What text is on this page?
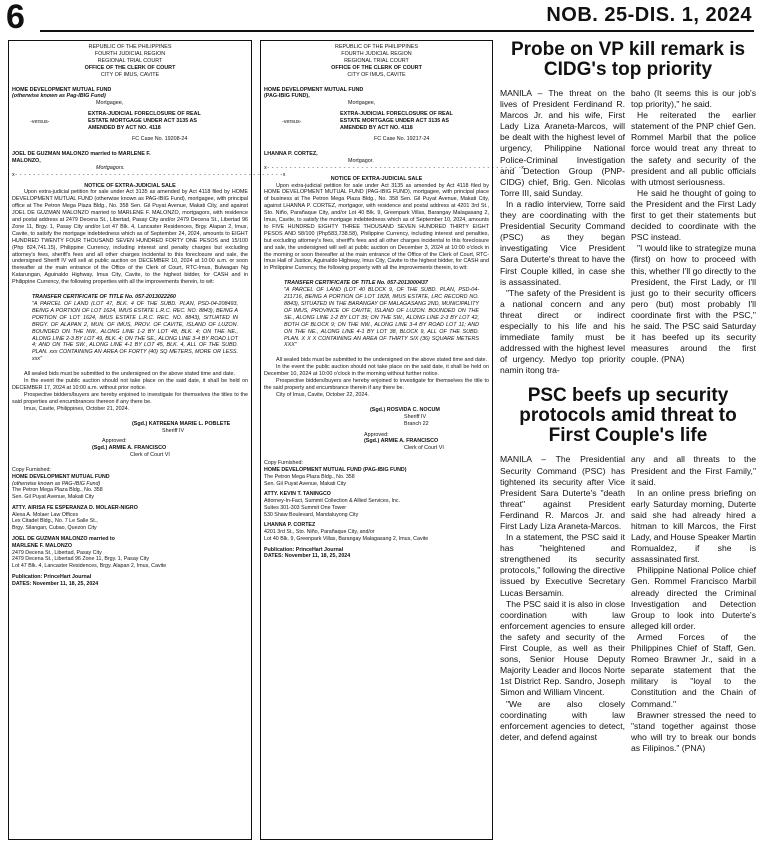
6	NOB. 25-DIS. 1, 2024
REPUBLIC OF THE PHILIPPINES
FOURTH JUDICIAL REGION
REGIONAL TRIAL COURT
OFFICE OF THE CLERK OF COURT
CITY OF IMUS, CAVITE
HOME DEVELOPMENT MUTUAL FUND
(otherwise known as Pag-IBIG Fund)
Mortgagee,
-versus-
EXTRA-JUDICIAL FORECLOSURE OF REAL ESTATE MORTGAGE UNDER ACT 3135 AS AMENDED BY ACT NO. 4118
FC Case No. 19208-24
JOEL DE GUZMAN MALONZO married to MARLENE F. MALONZO,
Mortgagors.
x- - - - - - - - - - - - - - - - - - - - - - - - - - - - - - - - - - - - - - - - - - - - - - - - - - - - - - - - - - - -x
NOTICE OF EXTRA-JUDICIAL SALE
Upon extra-judicial petition for sale under Act 3135 as amended by Act 4118 filed by HOME DEVELOPMENT MUTUAL FUND (otherwise known as PAG-IBIG Fund), mortgagee, with principal office at The Petron Mega Plaza Bldg., No. 358 Sen. Gil Puyat Avenue, Makati City, and against JOEL DE GUZMAN MALONZO married to MARLENE F. MALONZO, mortgagors, with residence and postal address at 2479 Decena St., Libertad, Pasay City and/or 2479 Decena St., Libertad 96 Zone 11, Brgy. 1, Pasay City and/or Lot 47 Blk. 4, Lancaster Residences, Brgy. Alapan 2, Imus, Cavite, to satisfy the mortgage indebtedness which as of September 24, 2024, amounts to EIGHT HUNDRED TWENTY FOUR THOUSAND SEVEN HUNDRED FORTY ONE PESOS and 15/100 (Php 824,741.15), Philippine Currency, including interest and penalty charges but excluding attorney's fees, sheriff's fees and all other charges incidental to this foreclosure and sale, the undersigned Sheriff IV will sell at public auction on DECEMBER 10, 2024 at 10:00 a.m. or soon thereafter at the main entrance of the Office of the Clerk of Court, RTC-Imus, Bulwagan Ng Katarungan, Aguinaldo Highway, Imus City, Cavite, to the highest bidder, for CASH and in Philippine Currency, the following properties with all the improvements therein, to wit:
TRANSFER CERTIFICATE OF TITLE No. 057-2013022260
"A PARCEL OF LAND (LOT 47, BLK. 4 OF THE SUBD. PLAN, PSD-04-208493, BEING A PORTION OF LOT 1624, IMUS ESTATE L.R.C. REC. NO. 8843), BEING A PORTION OF LOT 1624, IMUS ESTATE L.R.C. REC. NO. 8843), SITUATED IN BRGY. OF ALAPAN 2, MUN. OF IMUS, PROV. OF CAVITE, ISLAND OF LUZON. BOUNDED ON THE NW., ALONG LINE 1-2 BY LOT 48, BLK. 4; ON THE NE., ALONG LINE 2-3 BY LOT 49, BLK. 4; ON THE SE., ALONG LINE 3-4 BY ROAD LOT 4; AND ON THE SW., ALONG LINE 4-1 BY LOT 45, BLK. 4, ALL OF THE SUBD. PLAN. xxx CONTAINING AN AREA OF FORTY (40) SQ METERS, MORE OR LESS. xxx"
All sealed bids must be submitted to the undersigned on the above stated time and date.
In the event the public auction should not take place on the said date, it shall be held on DECEMBER 17, 2024 at 10:00 a.m. without prior notice.
Prospective bidders/buyers are hereby enjoined to investigate for themselves the titles to the said properties and encumbrances thereon if any there be.
Imus, Cavite, Philippines, October 21, 2024.
(Sgd.) KATREENA MARIE L. POBLETE
Sheriff IV
Approved:
(Sgd.) ARMIE A. FRANCISCO
Clerk of Court VI
Copy Furnished:
HOME DEVELOPMENT MUTUAL FUND
(otherwise known as PAG-IBIG Fund)
The Petron Mega Plaza Bldg., No. 358
Sen. Gil Puyat Avenue, Makati City
ATTY. AIRISA FE ESPERANZA D. MOLAER-NIGRO
Alexa A. Molaer Law Offices
Lex Citadel Bldg., No. 7 Le Salle St.,
Brgy. Silangan, Cubao, Quezon City
JOEL DE GUZMAN MALONZO married to
MARLENE F. MALONZO
2479 Decena St., Libertad, Pasay City
2479 Decena St., Libertad 96 Zone 11, Brgy. 1, Pasay City
Lot 47 Blk. 4, Lancaster Residences, Brgy. Alapan 2, Imus, Cavite
Publication: PrinceHart Journal
DATES: November 11, 18, 25, 2024
REPUBLIC OF THE PHILIPPINES
FOURTH JUDICIAL REGION
REGIONAL TRIAL COURT
OFFICE OF THE CLERK OF COURT
CITY OF IMUS, CAVITE
HOME DEVELOPMENT MUTUAL FUND
(PAG-IBIG FUND),
Mortgagee,
-versus-
EXTRA-JUDICIAL FORECLOSURE OF REAL ESTATE MORTGAGE UNDER ACT 3135 AS AMENDED BY ACT NO. 4118
FC Case No. 19217-24
LHANNA P. CORTEZ,
Mortgagor.
x- - - - - - - - - - - - - - - - - - - - - - - - - - - - - - - - - - - - - - - - - - - - - - - - - - - - - - - - -x
NOTICE OF EXTRA-JUDICIAL SALE
Upon extra-judicial petition for sale under Act 3135 as amended by Act 4118 filed by HOME DEVELOPMENT MUTUAL FUND (PAG-IBIG FUND), mortgagee, with principal place of business at The Petron Mega Plaza Bldg., No. 358 Sen. Gil Puyat Avenue, Makati City, against LHANNA P. CORTEZ, mortgagor, with residence and postal address at 4201 3rd St., Sto. Niño, Parañaque City, and/or Lot 40 Blk. 9, Greenpark Villas, Barangay Malagasang 2, Imus, Cavite, to satisfy the mortgage indebtedness which as of September 10, 2024, amounts to FIVE HUNDRED EIGHTY THREE THOUSAND SEVEN HUNDRED THIRTY EIGHT PESOS AND 58/100 (Php583,738.58), Philippine Currency, including interest and penalties, but excluding attorney's fees, sheriff's fees and all other charges incidental to this foreclosure and sale, the undersigned will sell at public auction on December 3, 2024 at 10:00 o'clock in the morning or soon thereafter at the main entrance of the Office of the Clerk of Court, RTC-Imus Hall of Justice, Aguinaldo Highway, Imus City, Cavite to the highest bidder, for CASH and in Philippine Currency, the following property with all the improvements therein, to wit:
TRANSFER CERTIFICATE OF TITLE No. 057-2013000437
"A PARCEL OF LAND (LOT 40 BLOCK 9, OF THE SUBD. PLAN, PSD-04-211716, BEING A PORTION OF LOT 1828, IMUS ESTATE, LRC RECORD NO. 8843), SITUATED IN THE BARANGAY OF MALAGASANG 2ND, MUNICIPALITY OF IMUS, PROVINCE OF CAVITE, ISLAND OF LUZON. BOUNDED ON THE SE., ALONG LINE 1-2 BY LOT 39; ON THE SW., ALONG LINE 2-3 BY LOT 42, BOTH OF BLOCK 9; ON THE NW., ALONG LINE 3-4 BY ROAD LOT 11; AND ON THE NE., ALONG LINE 4-1 BY LOT 38, BLOCK 9, ALL OF THE SUBD. PLAN. X X X CONTAINING AN AREA OF THIRTY SIX (36) SQUARE METERS XXX"
All sealed bids must be submitted to the undersigned on the above stated time and date.
In the event the public auction should not take place on the said date, it shall be held on December 10, 2024 at 10:00 o'clock in the morning without further notice.
Prospective bidders/buyers are hereby enjoined to investigate for themselves the title to the said property and encumbrance therein if any there be.
City of Imus, Cavite, October 22, 2024.
(Sgd.) ROSVIDA C. NOCUM
Sheriff IV
Branch 22
Approved:
(Sgd.) ARMIE A. FRANCISCO
Clerk of Court VI
Copy Furnished:
HOME DEVELOPMENT MUTUAL FUND (PAG-IBIG FUND)
The Petron Mega Plaza Bldg., No. 358
Sen. Gil Puyat Avenue, Makati City
ATTY. KEVIN T. TANINGCO
Attorney-In-Fact, Summit Collection & Allied Services, Inc.
Suites 301-303 Summit One Tower
530 Shaw Boulevard, Mandaluyong City
LHANNA P. CORTEZ
4201 3rd St., Sto. Niño, Parañaque City, and/or
Lot 40 Blk. 9, Greenpark Villas, Barangay Malagasang 2, Imus, Cavite
Publication: PrinceHart Journal
DATES: November 11, 18, 25, 2024
Probe on VP kill remark is CIDG's top priority

MANILA – The threat on the lives of President Ferdinand R. Marcos Jr. and his wife, First Lady Liza Araneta-Marcos, will be dealt with the highest level of urgency, Philippine National Police-Criminal Investigation and Detection Group (PNP-CIDG) chief, Brig. Gen. Nicolas Torre III, said Sunday.

In a radio interview, Torre said they are coordinating with the Presidential Security Command (PSC) as they began investigating Vice President Sara Duterte's threat to have the First Couple killed, in case she is assassinated.

"The safety of the President is a national concern and any threat direct or indirect especially to his life and his immediate family must be addressed with the highest level of urgency. Medyo top priority namin itong tra-

baho (It seems this is our job's top priority)," he said.

He reiterated the earlier statement of the PNP chief Gen. Rommel Marbil that the police force would treat any threat to the safety and security of the president and all public officials with utmost seriousness.

He said he thought of going to the President and the First Lady first to get their statements but decided to coordinate with the PSC instead.

"I would like to strategize muna (first) on how to proceed with this, whether I'll go directly to the President, the First Lady, or I'll just go to their security officers pero (but) most probably I'll coordinate first with the PSC," he said. The PSC said Saturday it has beefed up its security measures around the first couple. (PNA)

PSC beefs up security protocols amid threat to First Couple's life

MANILA – The Presidential Security Command (PSC) has tightened its security after Vice President Sara Duterte's "death threat" against President Ferdinand R. Marcos Jr. and First Lady Liza Araneta-Marcos.

In a statement, the PSC said it has "heightened and strengthened its security protocols," following the directive issued by Executive Secretary Lucas Bersamin.

The PSC said it is also in close coordination with law enforcement agencies to ensure the safety and security of the First Couple, as well as their sons, Senior House Deputy Majority Leader and Ilocos Norte 1st District Rep. Sandro, Joseph Simon and William Vincent.

"We are also closely coordinating with law enforcement agencies to detect, deter, and defend against

any and all threats to the President and the First Family," it said.

In an online press briefing on early Saturday morning, Duterte said she had already hired a hitman to kill Marcos, the First Lady, and House Speaker Martin Romualdez, if she is assassinated first.

Philippine National Police chief Gen. Rommel Francisco Marbil already directed the Criminal Investigation and Detection Group to look into Duterte's alleged kill order.

Armed Forces of the Philippines Chief of Staff, Gen. Romeo Brawner Jr., said in a separate statement that the military is "loyal to the Constitution and the Chain of Command."

Brawner stressed the need to "stand together against those who will try to break our bonds as Filipinos." (PNA)
